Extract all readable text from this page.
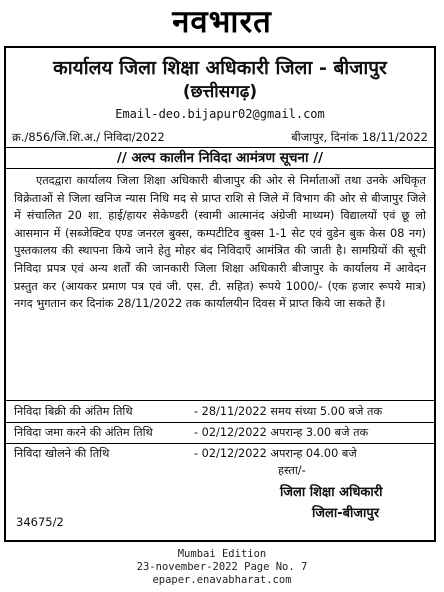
नवभारत
कार्यालय जिला शिक्षा अधिकारी जिला - बीजापुर
(छत्तीसगढ़)
Email-deo.bijapur02@gmail.com
क्र./856/जि.शि.अ./ निविदा/2022	बीजापुर, दिनांक 18/11/2022
// अल्प कालीन निविदा आमंत्रण सूचना //
एतदद्वारा कार्यालय जिला शिक्षा अधिकारी बीजापुर की ओर से निर्माताओं तथा उनके अधिकृत विक्रेताओं से जिला खनिज न्यास निधि मद से प्राप्त राशि से जिले में विभाग की ओर से बीजापुर जिले में संचालित 20 शा. हाई/हायर सेकेण्डरी (स्वामी आत्मानंद अंग्रेजी माध्यम) विद्यालयों एवं छू लो आसमान में (सब्जेक्टिव एण्ड जनरल बुक्स, कम्पटीटिव बुक्स 1-1 सेट एवं वुडेन बुक केस 08 नग) पुस्तकालय की स्थापना किये जाने हेतु मोहर बंद निविदाएँ आमंत्रित की जाती है। सामग्रियों की सूची निविदा प्रपत्र एवं अन्य शर्तों की जानकारी जिला शिक्षा अधिकारी बीजापुर के कार्यालय में आवेदन प्रस्तुत कर (आयकर प्रमाण पत्र एवं जी. एस. टी. सहित) रूपये 1000/- (एक हजार रूपये मात्र) नगद भुगतान कर दिनांक 28/11/2022 तक कार्यालयीन दिवस में प्राप्त किये जा सकते हैं।
निविदा बिक्री की अंतिम तिथि	- 28/11/2022 समय संध्या 5.00 बजे तक
निविदा जमा करने की अंतिम तिथि	- 02/12/2022 अपरान्ह 3.00 बजे तक
निविदा खोलने की तिथि	- 02/12/2022 अपरान्ह 04.00 बजे
हस्ता/-
जिला शिक्षा अधिकारी
जिला-बीजापुर
34675/2
Mumbai Edition
23-november-2022 Page No. 7
epaper.enavabharat.com
